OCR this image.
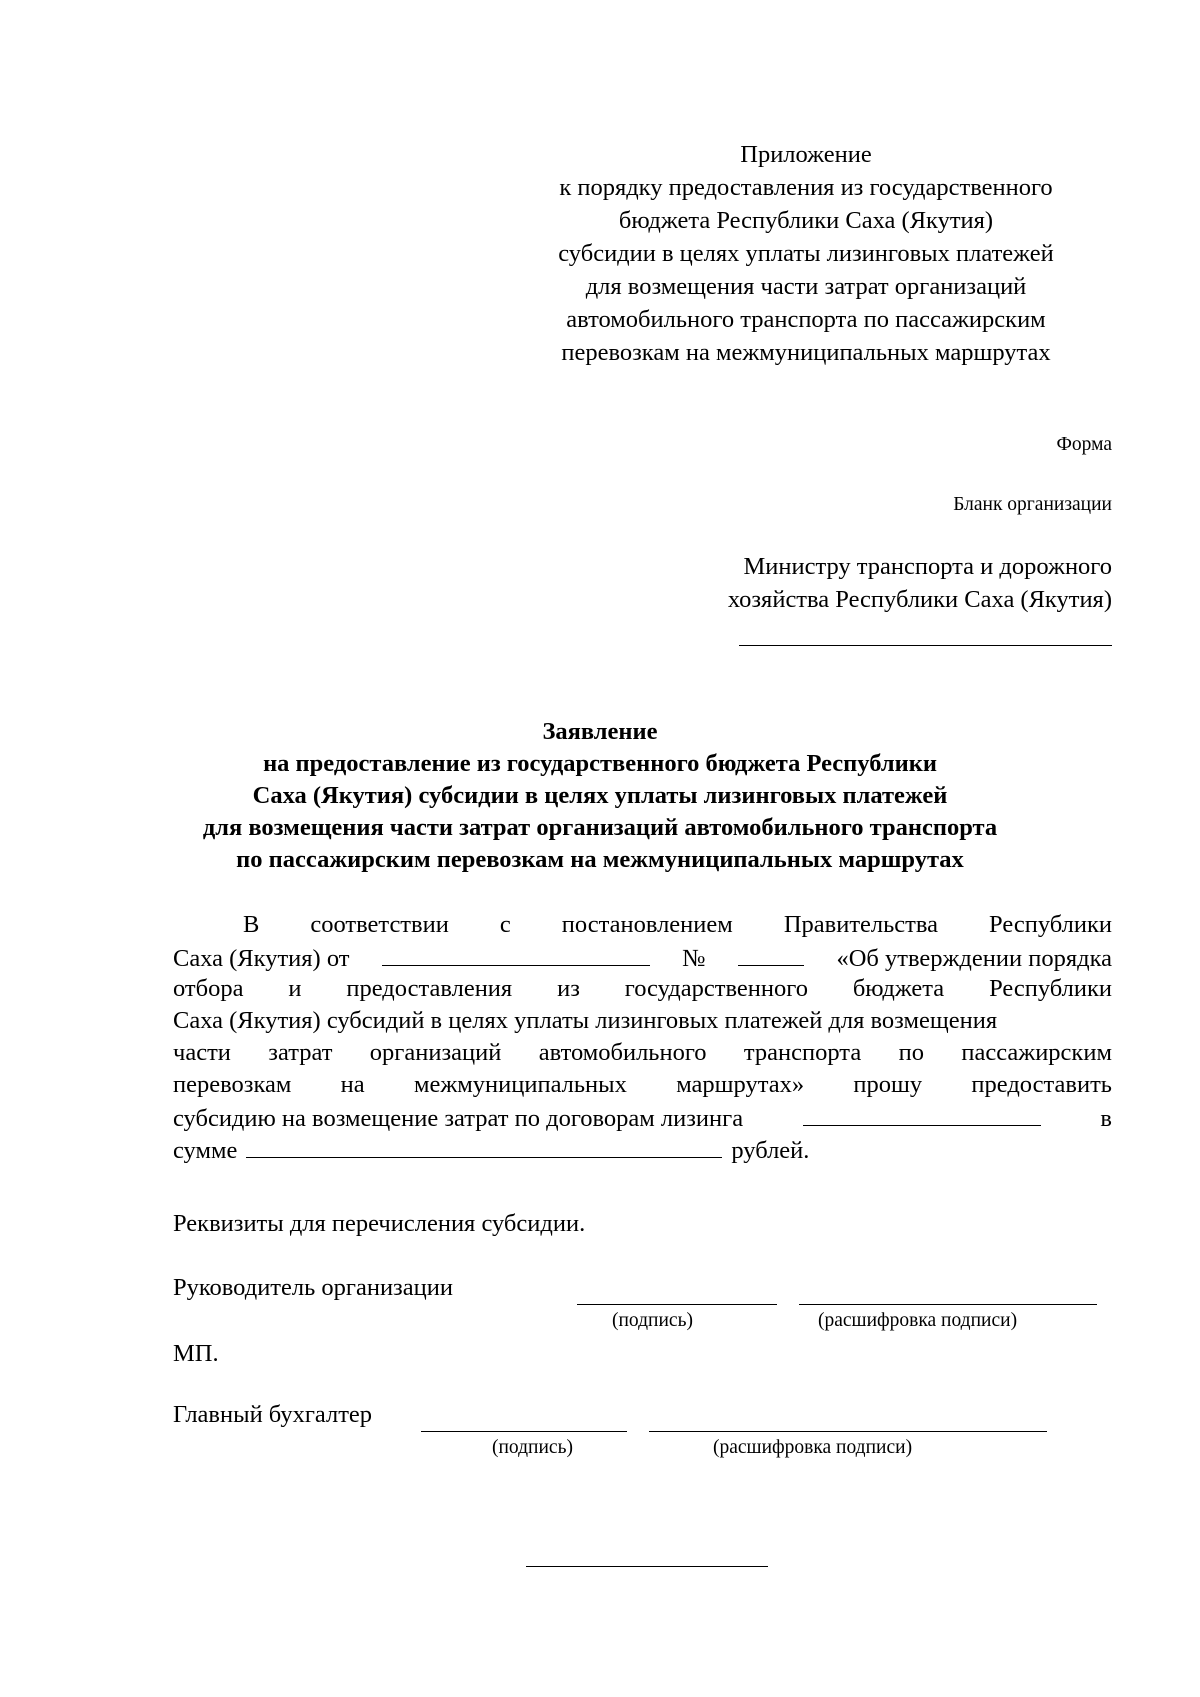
Приложение
к порядку предоставления из государственного
бюджета Республики Саха (Якутия)
субсидии в целях уплаты лизинговых платежей
для возмещения части затрат организаций
автомобильного транспорта по пассажирским
перевозкам на межмуниципальных маршрутах
Форма
Бланк организации
Министру транспорта и дорожного
хозяйства Республики Саха (Якутия)
Заявление
на предоставление из государственного бюджета Республики
Саха (Якутия) субсидии в целях уплаты лизинговых платежей
для возмещения части затрат организаций автомобильного транспорта
по пассажирским перевозкам на межмуниципальных маршрутах
В соответствии с постановлением Правительства Республики
Саха (Якутия) от	№	«Об утверждении порядка
отбора и предоставления из государственного бюджета Республики
Саха (Якутия) субсидий в целях уплаты лизинговых платежей для возмещения
части затрат организаций автомобильного транспорта по пассажирским
перевозкам на межмуниципальных маршрутах» прошу предоставить
субсидию на возмещение затрат по договорам лизинга	в
сумме	рублей.
Реквизиты для перечисления субсидии.
Руководитель организации
(подпись)	(расшифровка подписи)
МП.
Главный бухгалтер
(подпись)	(расшифровка подписи)
